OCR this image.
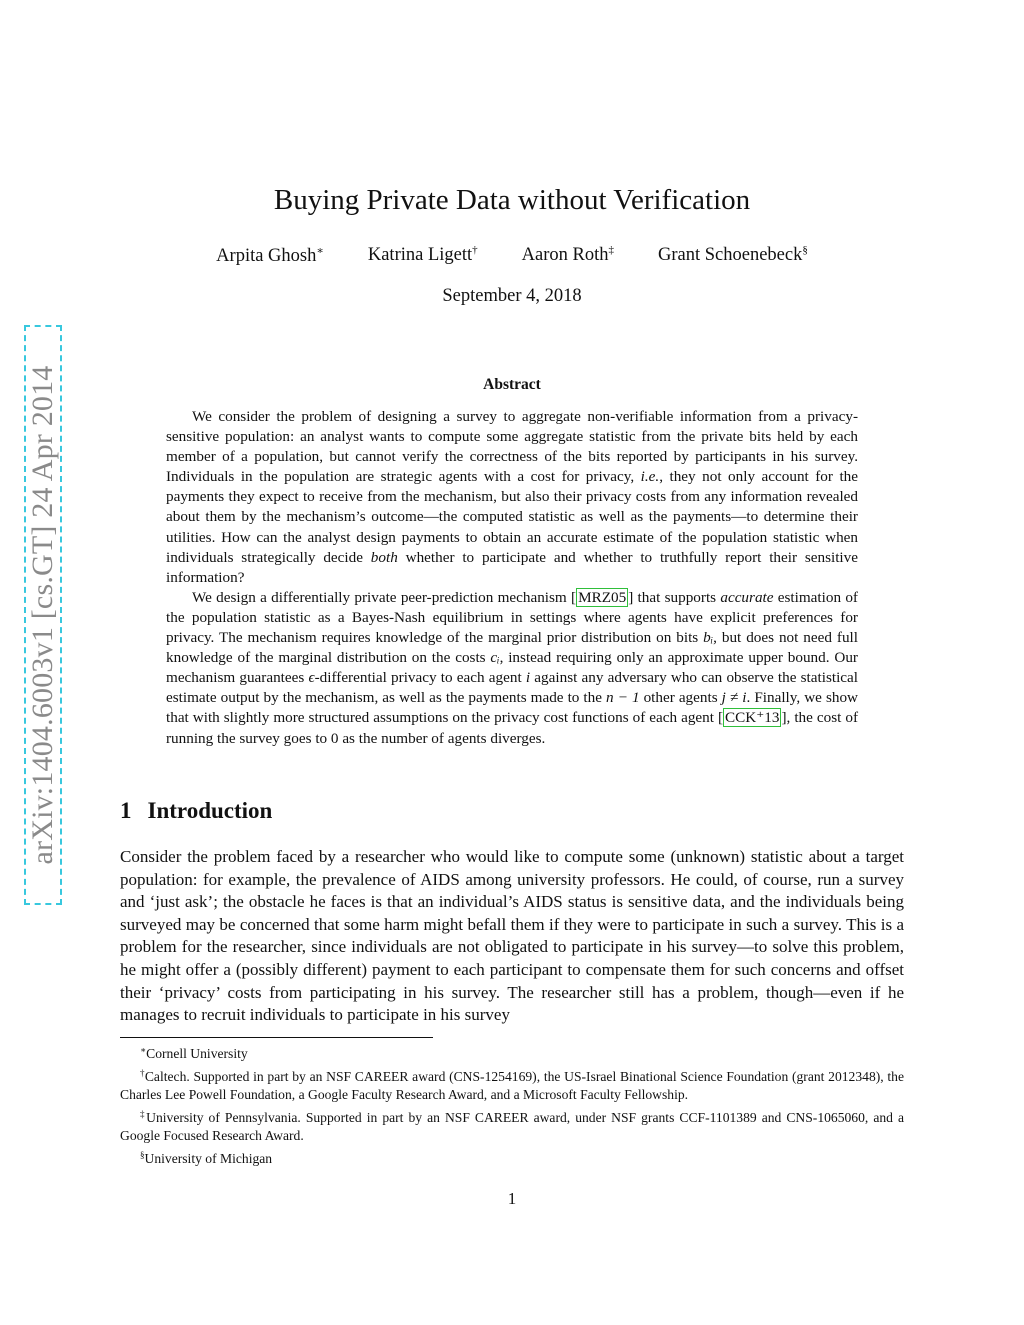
arXiv:1404.6003v1 [cs.GT] 24 Apr 2014
Buying Private Data without Verification
Arpita Ghosh∗ Katrina Ligett† Aaron Roth‡ Grant Schoenebeck§
September 4, 2018
Abstract

We consider the problem of designing a survey to aggregate non-verifiable information from a privacy-sensitive population: an analyst wants to compute some aggregate statistic from the private bits held by each member of a population, but cannot verify the correctness of the bits reported by participants in his survey. Individuals in the population are strategic agents with a cost for privacy, i.e., they not only account for the payments they expect to receive from the mechanism, but also their privacy costs from any information revealed about them by the mechanism’s outcome—the computed statistic as well as the payments—to determine their utilities. How can the analyst design payments to obtain an accurate estimate of the population statistic when individuals strategically decide both whether to participate and whether to truthfully report their sensitive information?

We design a differentially private peer-prediction mechanism [ MRZ05 ] that supports accurate estimation of the population statistic as a Bayes-Nash equilibrium in settings where agents have explicit preferences for privacy. The mechanism requires knowledge of the marginal prior distribution on bits bᵢ, but does not need full knowledge of the marginal distribution on the costs cᵢ, instead requiring only an approximate upper bound. Our mechanism guarantees ϵ-differential privacy to each agent i against any adversary who can observe the statistical estimate output by the mechanism, as well as the payments made to the n − 1 other agents j ≠ i. Finally, we show that with slightly more structured assumptions on the privacy cost functions of each agent [ CCK⁺13 ], the cost of running the survey goes to 0 as the number of agents diverges.

1 Introduction

Consider the problem faced by a researcher who would like to compute some (unknown) statistic about a target population: for example, the prevalence of AIDS among university professors. He could, of course, run a survey and ‘just ask’; the obstacle he faces is that an individual’s AIDS status is sensitive data, and the individuals being surveyed may be concerned that some harm might befall them if they were to participate in such a survey. This is a problem for the researcher, since individuals are not obligated to participate in his survey—to solve this problem, he might offer a (possibly different) payment to each participant to compensate them for such concerns and offset their ‘privacy’ costs from participating in his survey. The researcher still has a problem, though—even if he manages to recruit individuals to participate in his survey

∗Cornell University

†Caltech. Supported in part by an NSF CAREER award (CNS-1254169), the US-Israel Binational Science Foundation (grant 2012348), the Charles Lee Powell Foundation, a Google Faculty Research Award, and a Microsoft Faculty Fellowship.

‡University of Pennsylvania. Supported in part by an NSF CAREER award, under NSF grants CCF-1101389 and CNS-1065060, and a Google Focused Research Award.

§University of Michigan

1
